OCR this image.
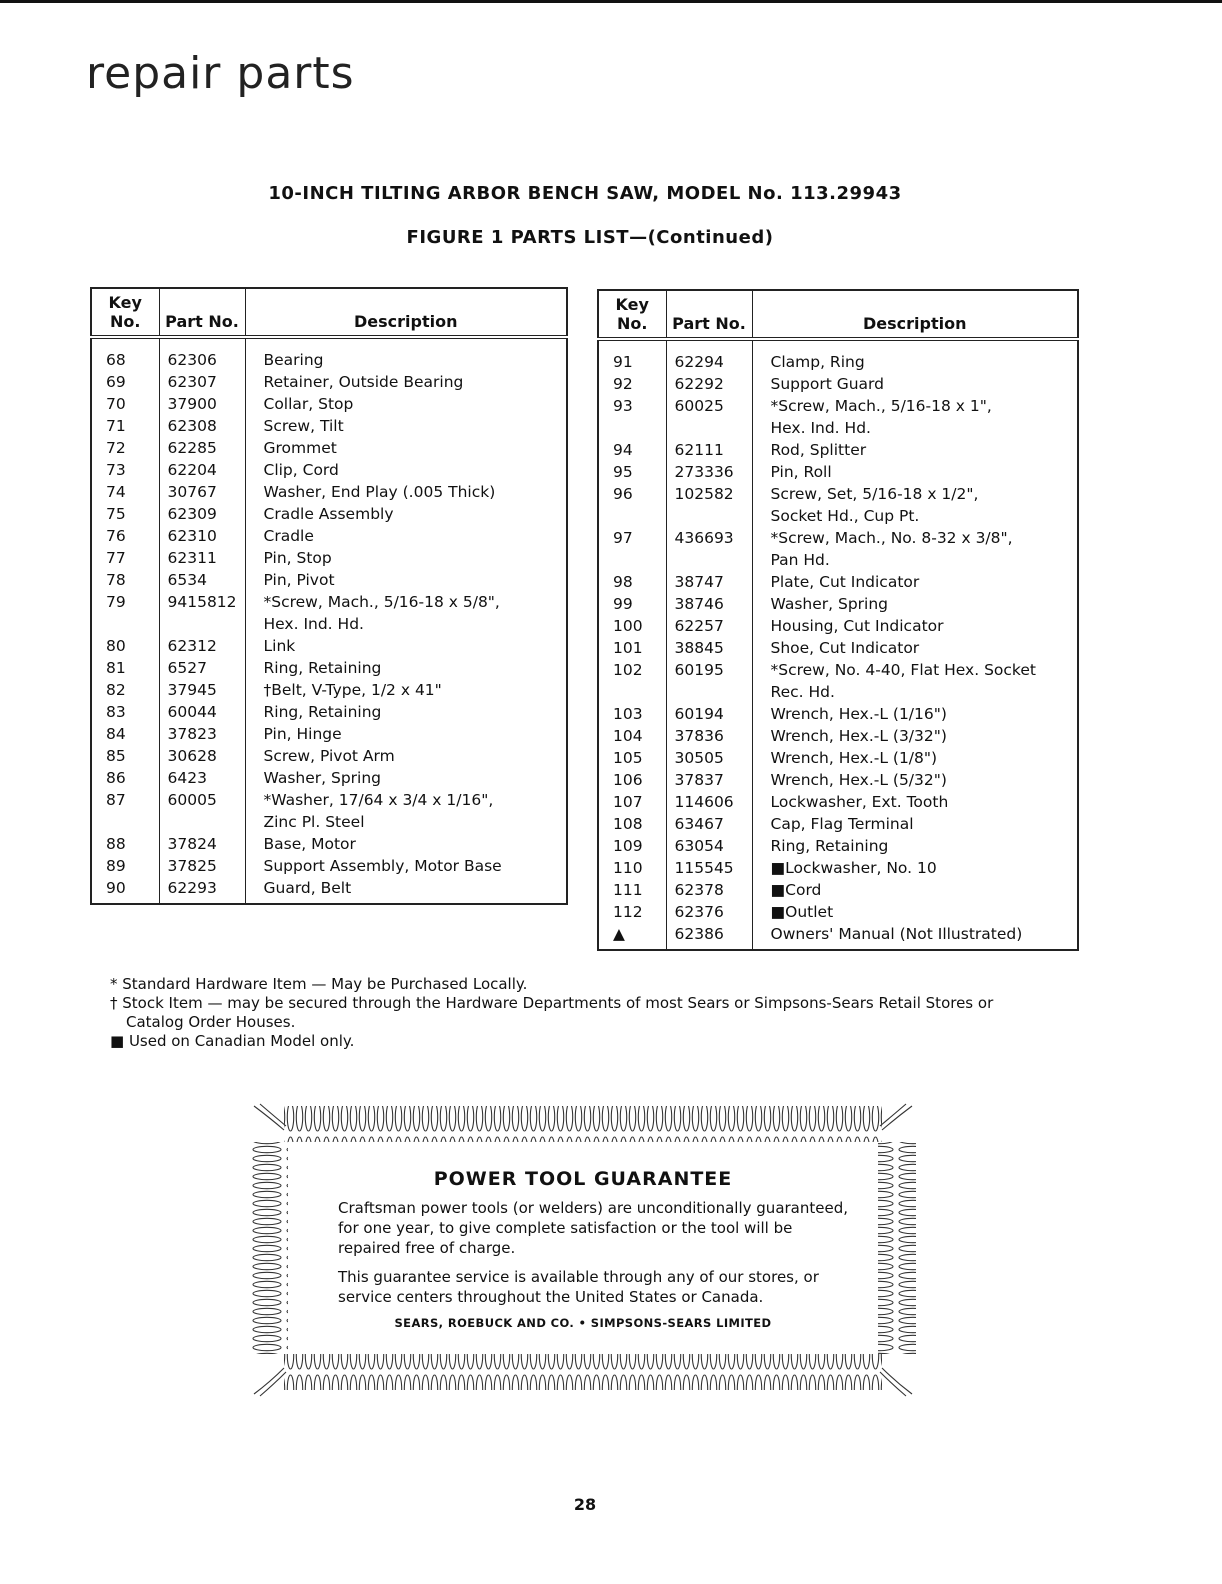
repair parts
10-INCH TILTING ARBOR BENCH SAW, MODEL No. 113.29943
FIGURE 1 PARTS LIST—(Continued)
Key No.	Part No.	Description
68	62306	Bearing
69	62307	Retainer, Outside Bearing
70	37900	Collar, Stop
71	62308	Screw, Tilt
72	62285	Grommet
73	62204	Clip, Cord
74	30767	Washer, End Play (.005 Thick)
75	62309	Cradle Assembly
76	62310	Cradle
77	62311	Pin, Stop
78	6534	Pin, Pivot
79	9415812	*Screw, Mach., 5/16-18 x 5/8",
Hex. Ind. Hd.
80	62312	Link
81	6527	Ring, Retaining
82	37945	†Belt, V-Type, 1/2 x 41"
83	60044	Ring, Retaining
84	37823	Pin, Hinge
85	30628	Screw, Pivot Arm
86	6423	Washer, Spring
87	60005	*Washer, 17/64 x 3/4 x 1/16",
Zinc Pl. Steel
88	37824	Base, Motor
89	37825	Support Assembly, Motor Base
90	62293	Guard, Belt
Key No.	Part No.	Description
91	62294	Clamp, Ring
92	62292	Support Guard
93	60025	*Screw, Mach., 5/16-18 x 1",
Hex. Ind. Hd.
94	62111	Rod, Splitter
95	273336	Pin, Roll
96	102582	Screw, Set, 5/16-18 x 1/2",
Socket Hd., Cup Pt.
97	436693	*Screw, Mach., No. 8-32 x 3/8",
Pan Hd.
98	38747	Plate, Cut Indicator
99	38746	Washer, Spring
100	62257	Housing, Cut Indicator
101	38845	Shoe, Cut Indicator
102	60195	*Screw, No. 4-40, Flat Hex. Socket
Rec. Hd.
103	60194	Wrench, Hex.-L (1/16")
104	37836	Wrench, Hex.-L (3/32")
105	30505	Wrench, Hex.-L (1/8")
106	37837	Wrench, Hex.-L (5/32")
107	114606	Lockwasher, Ext. Tooth
108	63467	Cap, Flag Terminal
109	63054	Ring, Retaining
110	115545	■Lockwasher, No. 10
111	62378	■Cord
112	62376	■Outlet
▲	62386	Owners' Manual (Not Illustrated)

* Standard Hardware Item — May be Purchased Locally.

† Stock Item — may be secured through the Hardware Departments of most Sears or Simpsons-Sears Retail Stores or

Catalog Order Houses.

■ Used on Canadian Model only.

POWER TOOL GUARANTEE
Craftsman power tools (or welders) are unconditionally guaranteed, for one year, to give complete satisfaction or the tool will be repaired free of charge.
This guarantee service is available through any of our stores, or service centers throughout the United States or Canada.
SEARS, ROEBUCK AND CO. • SIMPSONS-SEARS LIMITED
28
